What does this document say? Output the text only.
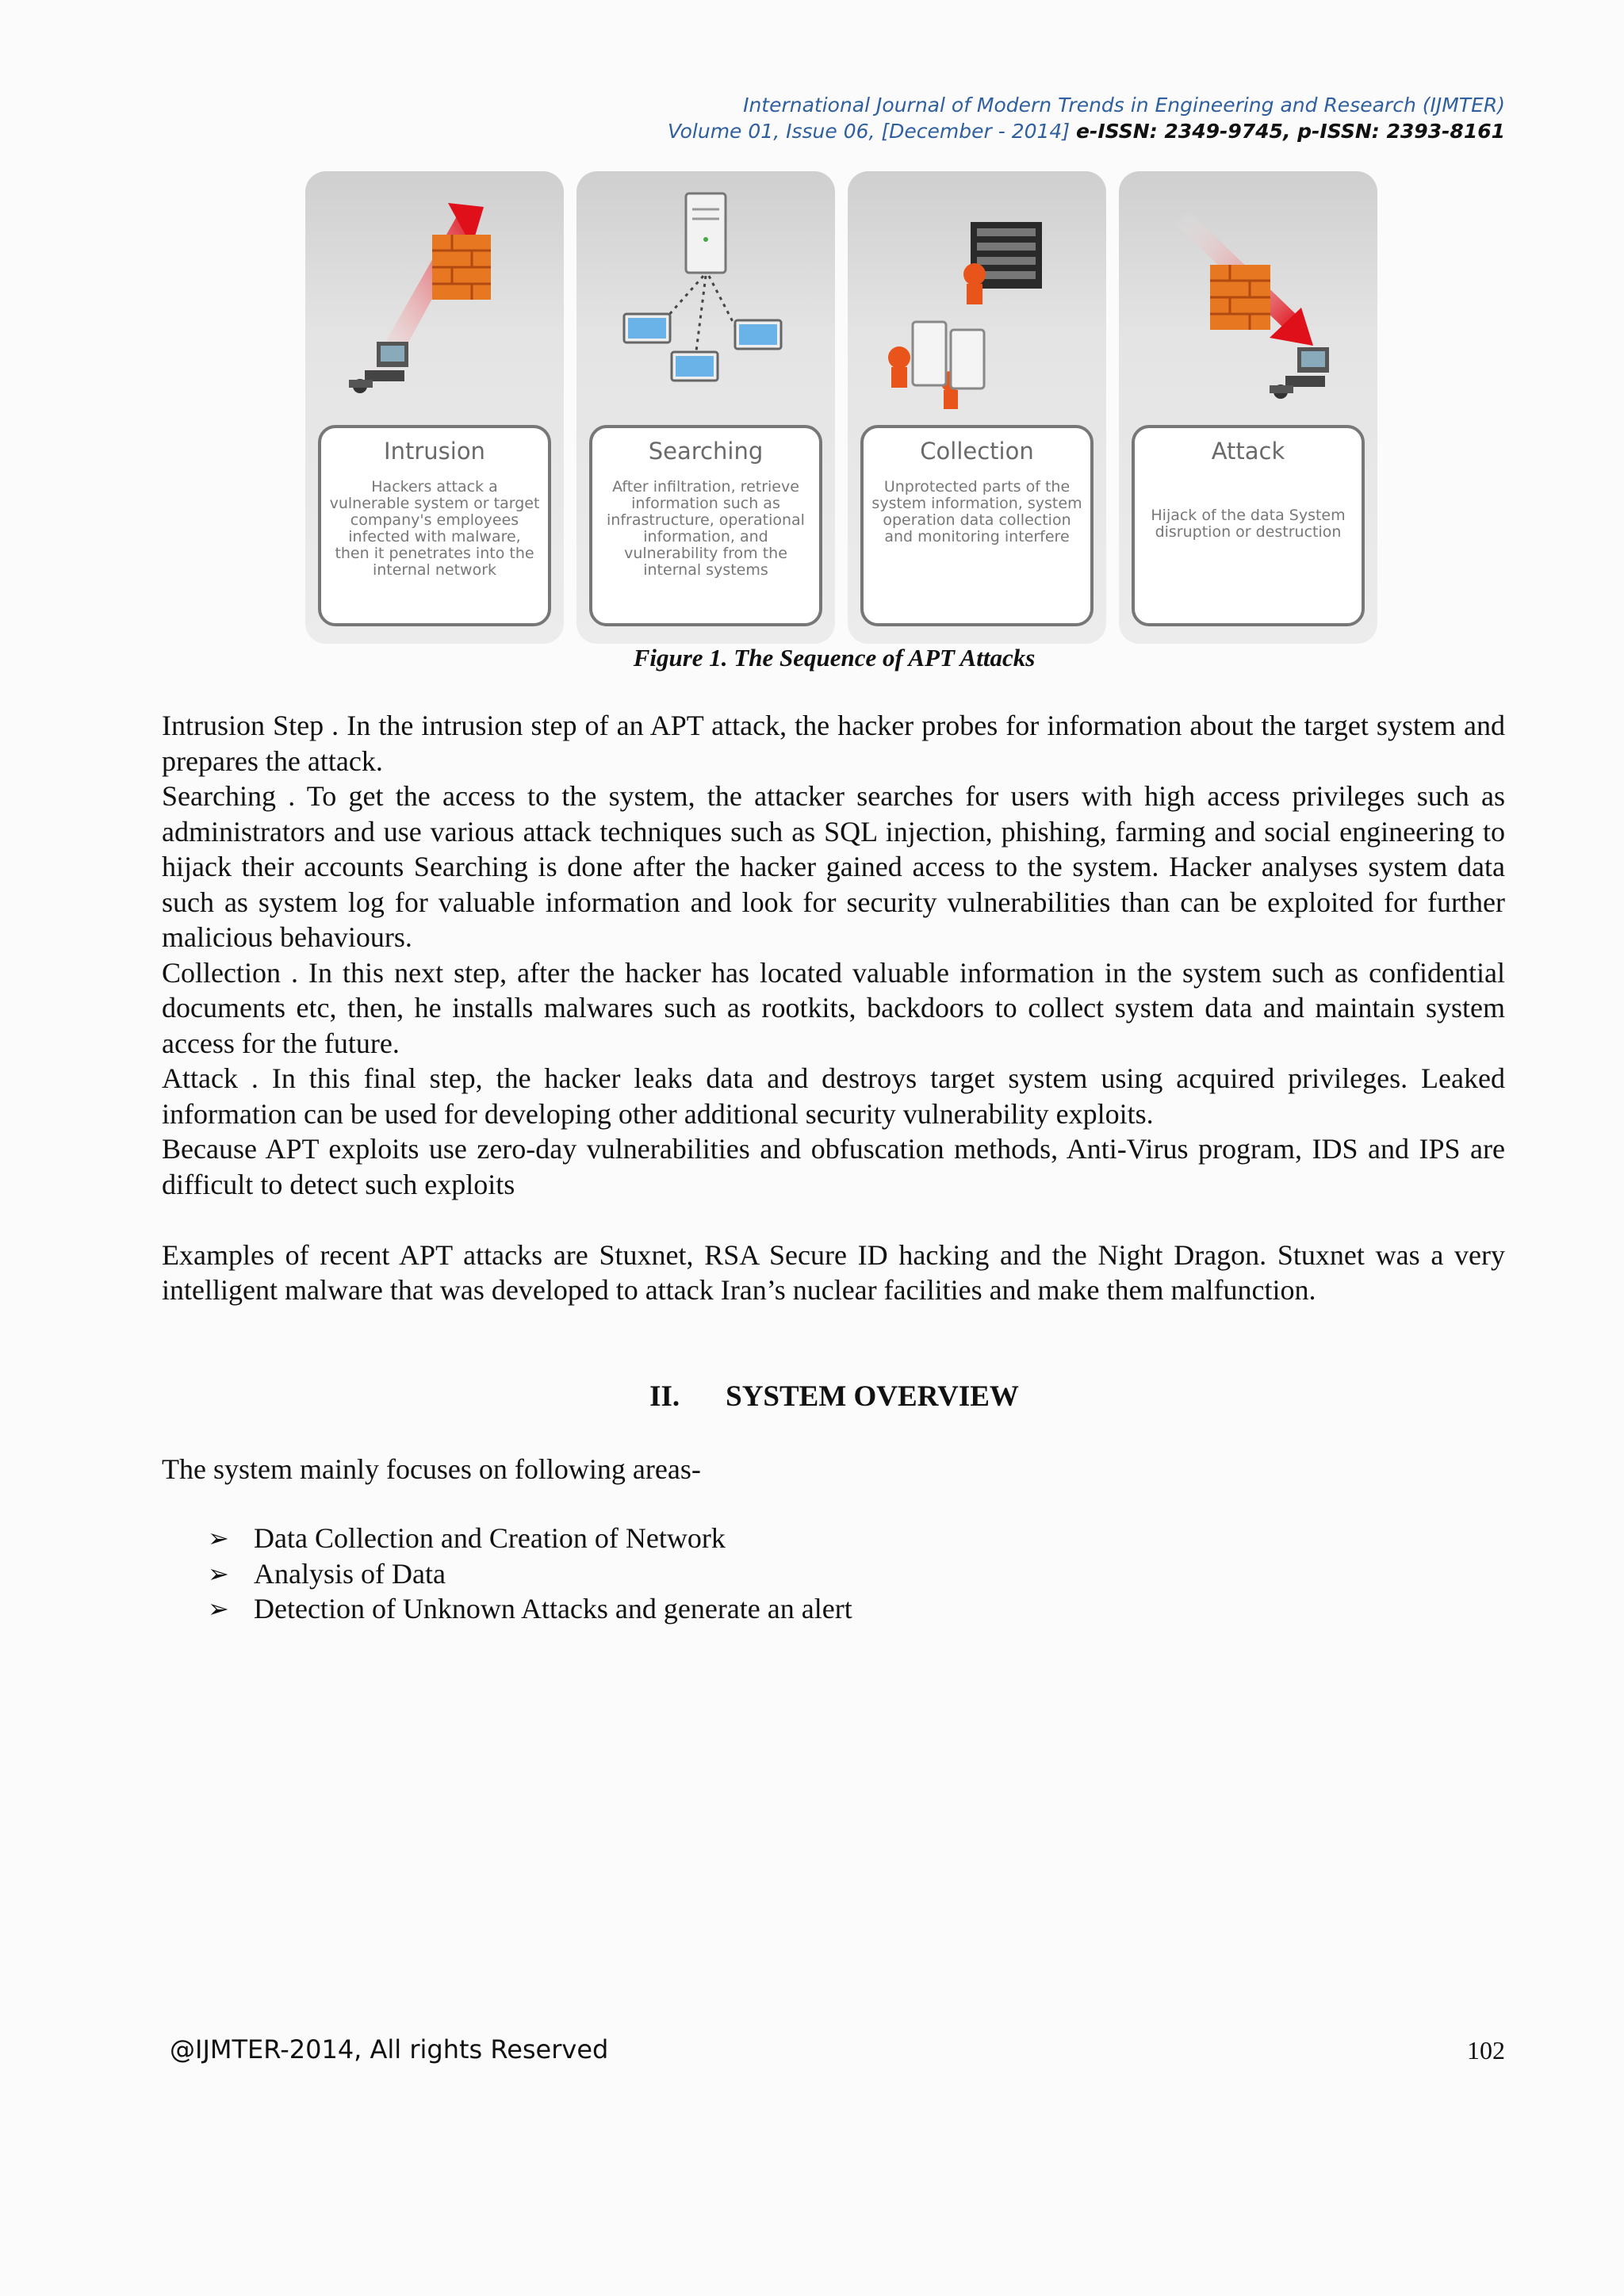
International Journal of Modern Trends in Engineering and Research (IJMTER)
Volume 01, Issue 06, [December - 2014] e-ISSN: 2349-9745, p-ISSN: 2393-8161
Intrusion
Hackers attack a vulnerable system or target company's employees infected with malware, then it penetrates into the internal network
Searching
After infiltration, retrieve information such as infrastructure, operational information, and vulnerability from the internal systems
Collection
Unprotected parts of the system information, system operation data collection and monitoring interfere
Attack
Hijack of the data System disruption or destruction
Figure 1. The Sequence of APT Attacks

Intrusion Step . In the intrusion step of an APT attack, the hacker probes for information about the target system and prepares the attack.

Searching . To get the access to the system, the attacker searches for users with high access privileges such as administrators and use various attack techniques such as SQL injection, phishing, farming and social engineering to hijack their accounts Searching is done after the hacker gained access to the system. Hacker analyses system data such as system log for valuable information and look for security vulnerabilities than can be exploited for further malicious behaviours.

Collection . In this next step, after the hacker has located valuable information in the system such as confidential documents etc, then, he installs malwares such as rootkits, backdoors to collect system data and maintain system access for the future.

Attack . In this final step, the hacker leaks data and destroys target system using acquired privileges. Leaked information can be used for developing other additional security vulnerability exploits.

Because APT exploits use zero-day vulnerabilities and obfuscation methods, Anti-Virus program, IDS and IPS are difficult to detect such exploits

Examples of recent APT attacks are Stuxnet, RSA Secure ID hacking and the Night Dragon. Stuxnet was a very intelligent malware that was developed to attack Iran’s nuclear facilities and make them malfunction.

II. SYSTEM OVERVIEW
The system mainly focuses on following areas-
➢ Data Collection and Creation of Network
➢ Analysis of Data
➢ Detection of Unknown Attacks and generate an alert
@IJMTER-2014, All rights Reserved	102
